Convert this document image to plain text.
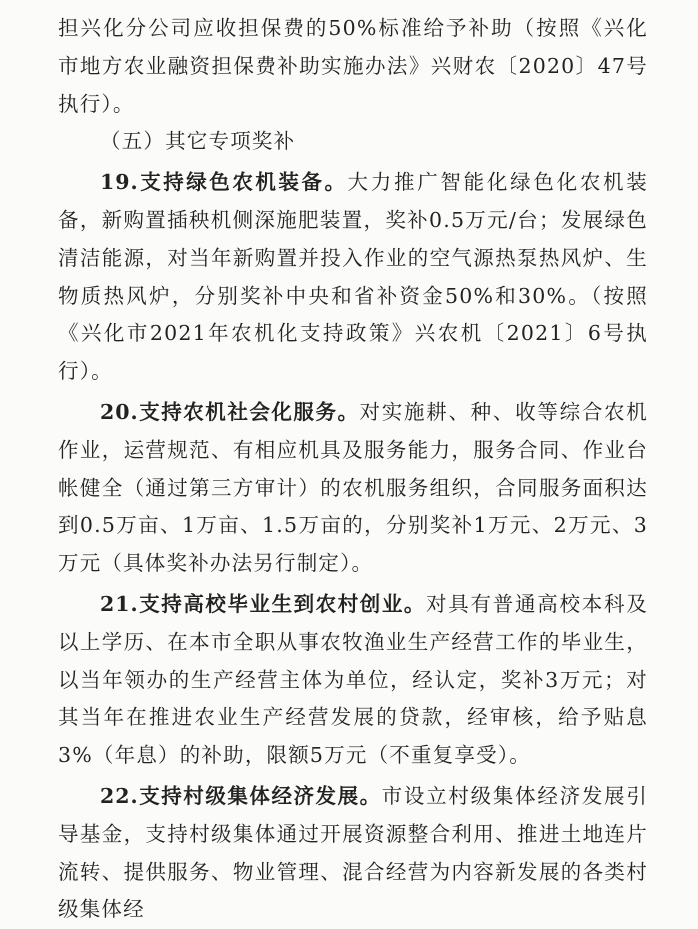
担兴化分公司应收担保费的50%标准给予补助（按照《兴化市地方农业融资担保费补助实施办法》兴财农〔2020〕47号执行）。

（五）其它专项奖补

19.支持绿色农机装备。大力推广智能化绿色化农机装备，新购置插秧机侧深施肥装置，奖补0.5万元/台；发展绿色清洁能源，对当年新购置并投入作业的空气源热泵热风炉、生物质热风炉，分别奖补中央和省补资金50%和30%。（按照《兴化市2021年农机化支持政策》兴农机〔2021〕6号执行）。

20.支持农机社会化服务。对实施耕、种、收等综合农机作业，运营规范、有相应机具及服务能力，服务合同、作业台帐健全（通过第三方审计）的农机服务组织，合同服务面积达到0.5万亩、1万亩、1.5万亩的，分别奖补1万元、2万元、3万元（具体奖补办法另行制定）。

21.支持高校毕业生到农村创业。对具有普通高校本科及以上学历、在本市全职从事农牧渔业生产经营工作的毕业生，以当年领办的生产经营主体为单位，经认定，奖补3万元；对其当年在推进农业生产经营发展的贷款，经审核，给予贴息3%（年息）的补助，限额5万元（不重复享受）。

22.支持村级集体经济发展。市设立村级集体经济发展引导基金，支持村级集体通过开展资源整合利用、推进土地连片流转、提供服务、物业管理、混合经营为内容新发展的各类村级集体经
